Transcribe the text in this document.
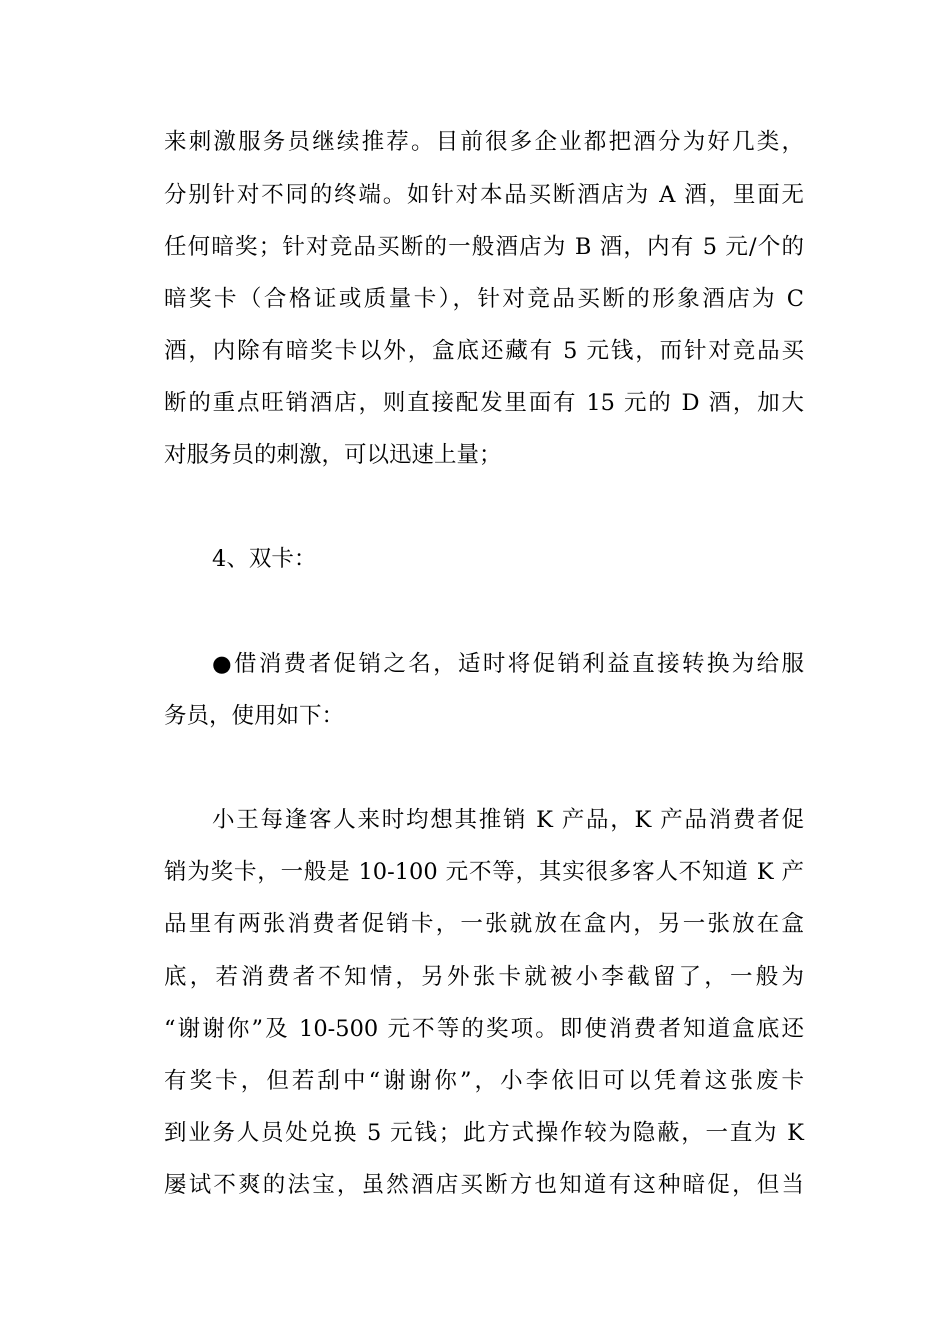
来刺激服务员继续推荐。目前很多企业都把酒分为好几类，
分别针对不同的终端。如针对本品买断酒店为 A 酒，里面无
任何暗奖；针对竞品买断的一般酒店为 B 酒，内有 5 元/个的
暗奖卡（合格证或质量卡），针对竞品买断的形象酒店为 C
酒，内除有暗奖卡以外，盒底还藏有 5 元钱，而针对竞品买
断的重点旺销酒店，则直接配发里面有 15 元的 D 酒，加大
对服务员的刺激，可以迅速上量；
4、双卡：
●借消费者促销之名，适时将促销利益直接转换为给服
务员，使用如下：
小王每逢客人来时均想其推销 K 产品，K 产品消费者促
销为奖卡，一般是 10-100 元不等，其实很多客人不知道 K 产
品里有两张消费者促销卡，一张就放在盒内，另一张放在盒
底，若消费者不知情，另外张卡就被小李截留了，一般为
“谢谢你”及 10-500 元不等的奖项。即使消费者知道盒底还
有奖卡，但若刮中“谢谢你”，小李依旧可以凭着这张废卡
到业务人员处兑换 5 元钱；此方式操作较为隐蔽，一直为 K
屡试不爽的法宝，虽然酒店买断方也知道有这种暗促，但当
